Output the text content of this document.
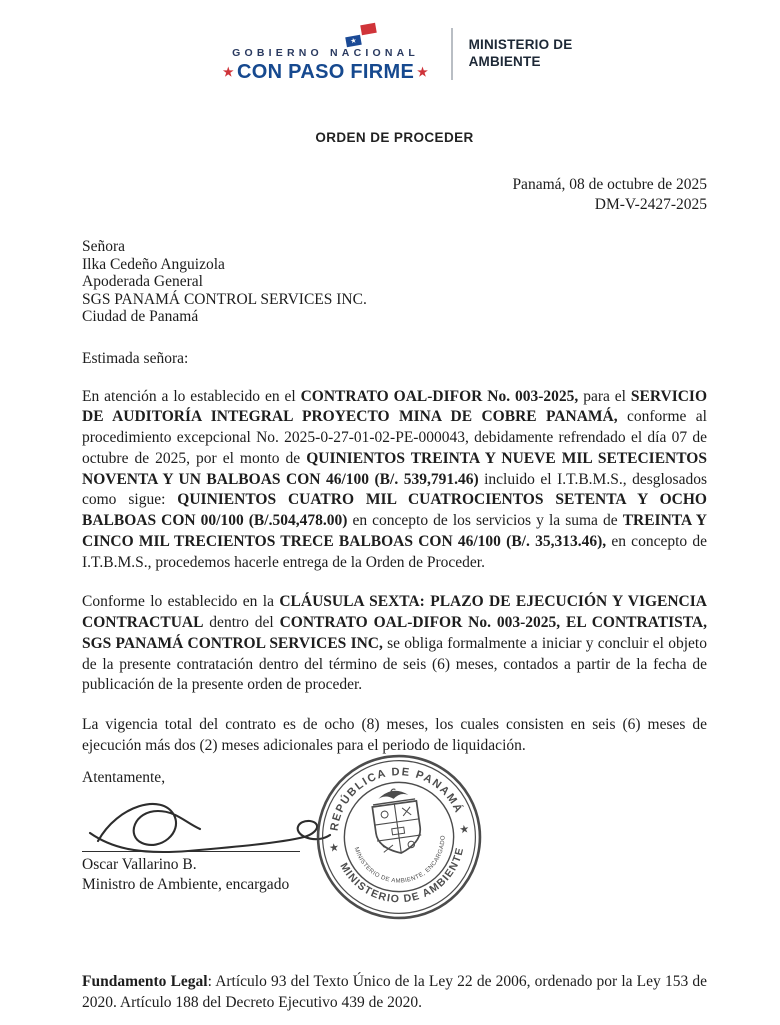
★
GOBIERNO NACIONAL
★ CON PASO FIRME ★
MINISTERIO DE
AMBIENTE
ORDEN DE PROCEDER
Panamá, 08 de octubre de 2025
DM-V-2427-2025
Señora
Ilka Cedeño Anguizola
Apoderada General
SGS PANAMÁ CONTROL SERVICES INC.
Ciudad de Panamá

Estimada señora:

En atención a lo establecido en el CONTRATO OAL-DIFOR No. 003-2025, para el SERVICIO DE AUDITORÍA INTEGRAL PROYECTO MINA DE COBRE PANAMÁ, conforme al procedimiento excepcional No. 2025-0-27-01-02-PE-000043, debidamente refrendado el día 07 de octubre de 2025, por el monto de QUINIENTOS TREINTA Y NUEVE MIL SETECIENTOS NOVENTA Y UN BALBOAS CON 46/100 (B/. 539,791.46) incluido el I.T.B.M.S., desglosados como sigue: QUINIENTOS CUATRO MIL CUATROCIENTOS SETENTA Y OCHO BALBOAS CON 00/100 (B/.504,478.00) en concepto de los servicios y la suma de TREINTA Y CINCO MIL TRECIENTOS TRECE BALBOAS CON 46/100 (B/. 35,313.46), en concepto de I.T.B.M.S., procedemos hacerle entrega de la Orden de Proceder.

Conforme lo establecido en la CLÁUSULA SEXTA: PLAZO DE EJECUCIÓN Y VIGENCIA CONTRACTUAL dentro del CONTRATO OAL-DIFOR No. 003-2025, EL CONTRATISTA, SGS PANAMÁ CONTROL SERVICES INC, se obliga formalmente a iniciar y concluir el objeto de la presente contratación dentro del término de seis (6) meses, contados a partir de la fecha de publicación de la presente orden de proceder.

La vigencia total del contrato es de ocho (8) meses, los cuales consisten en seis (6) meses de ejecución más dos (2) meses adicionales para el periodo de liquidación.

Atentamente,
Oscar Vallarino B.
Ministro de Ambiente, encargado
REPÚBLICA DE PANAMÁ
MINISTERIO DE AMBIENTE
★
★
MINISTERIO DE AMBIENTE, ENCARGADO

Fundamento Legal: Artículo 93 del Texto Único de la Ley 22 de 2006, ordenado por la Ley 153 de 2020. Artículo 188 del Decreto Ejecutivo 439 de 2020.
